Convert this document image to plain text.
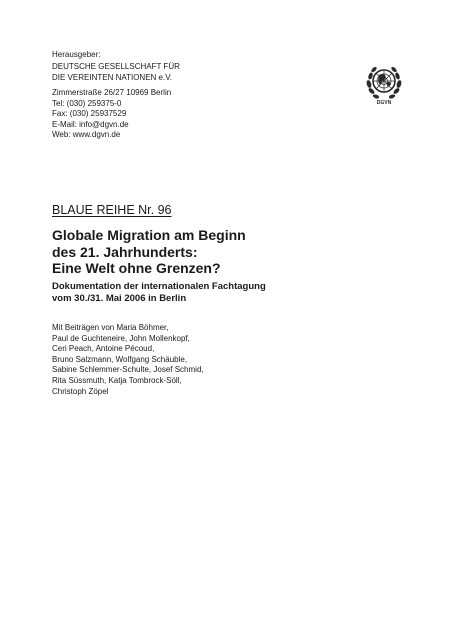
Herausgeber:
DEUTSCHE GESELLSCHAFT FÜR
DIE VEREINTEN NATIONEN e.V.
Zimmerstraße 26/27 10969 Berlin
Tel: (030) 259375-0
Fax: (030) 25937529
E-Mail: info@dgvn.de
Web: www.dgvn.de
DGVN
BLAUE REIHE Nr. 96
Globale Migration am Beginn
des 21. Jahrhunderts:
Eine Welt ohne Grenzen?
Dokumentation der internationalen Fachtagung
vom 30./31. Mai 2006 in Berlin
Mit Beiträgen von Maria Böhmer,
Paul de Guchteneire, John Mollenkopf,
Ceri Peach, Antoine Pécoud,
Bruno Salzmann, Wolfgang Schäuble,
Sabine Schlemmer-Schulte, Josef Schmid,
Rita Süssmuth, Katja Tombrock-Söll,
Christoph Zöpel
